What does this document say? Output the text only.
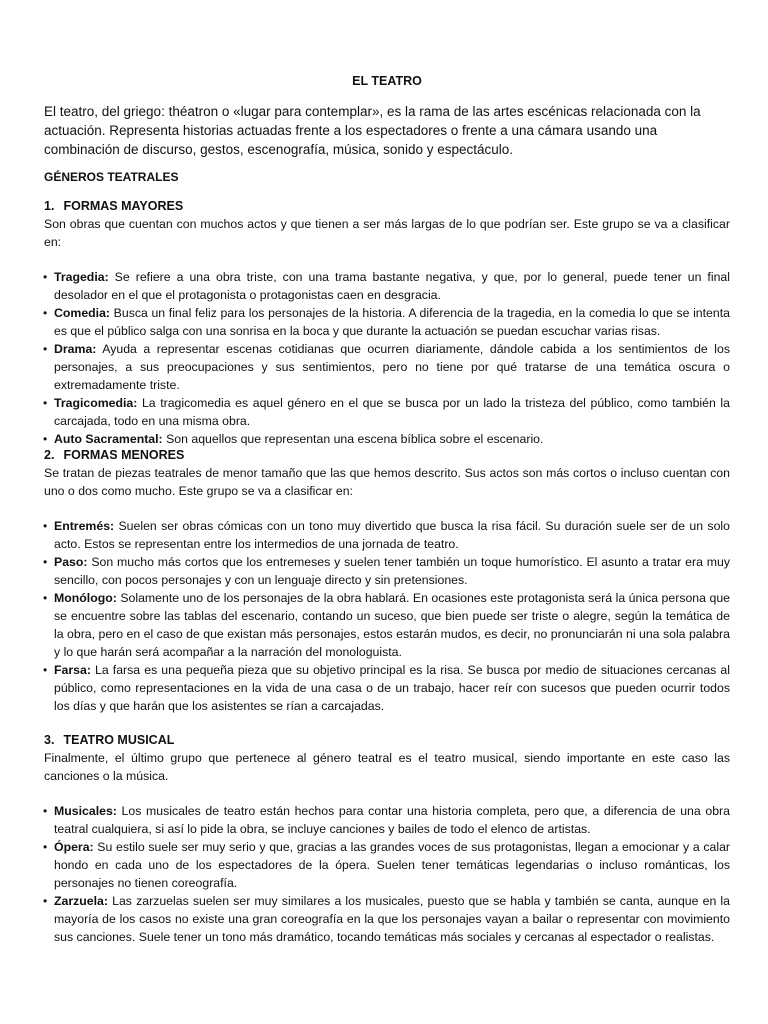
EL TEATRO

El teatro, del griego: théatron o «lugar para contemplar», es la rama de las artes escénicas relacionada con la actuación. Representa historias actuadas frente a los espectadores o frente a una cámara usando una combinación de discurso, gestos, escenografía, música, sonido y espectáculo.

GÉNEROS TEATRALES

1. FORMAS MAYORES

Son obras que cuentan con muchos actos y que tienen a ser más largas de lo que podrían ser. Este grupo se va a clasificar en:

• Tragedia: Se refiere a una obra triste, con una trama bastante negativa, y que, por lo general, puede tener un final desolador en el que el protagonista o protagonistas caen en desgracia.
• Comedia: Busca un final feliz para los personajes de la historia. A diferencia de la tragedia, en la comedia lo que se intenta es que el público salga con una sonrisa en la boca y que durante la actuación se puedan escuchar varias risas.
• Drama: Ayuda a representar escenas cotidianas que ocurren diariamente, dándole cabida a los sentimientos de los personajes, a sus preocupaciones y sus sentimientos, pero no tiene por qué tratarse de una temática oscura o extremadamente triste.
• Tragicomedia: La tragicomedia es aquel género en el que se busca por un lado la tristeza del público, como también la carcajada, todo en una misma obra.
• Auto Sacramental: Son aquellos que representan una escena bíblica sobre el escenario.

2. FORMAS MENORES

Se tratan de piezas teatrales de menor tamaño que las que hemos descrito. Sus actos son más cortos o incluso cuentan con uno o dos como mucho. Este grupo se va a clasificar en:

• Entremés: Suelen ser obras cómicas con un tono muy divertido que busca la risa fácil. Su duración suele ser de un solo acto. Estos se representan entre los intermedios de una jornada de teatro.
• Paso: Son mucho más cortos que los entremeses y suelen tener también un toque humorístico. El asunto a tratar era muy sencillo, con pocos personajes y con un lenguaje directo y sin pretensiones.
• Monólogo: Solamente uno de los personajes de la obra hablará. En ocasiones este protagonista será la única persona que se encuentre sobre las tablas del escenario, contando un suceso, que bien puede ser triste o alegre, según la temática de la obra, pero en el caso de que existan más personajes, estos estarán mudos, es decir, no pronunciarán ni una sola palabra y lo que harán será acompañar a la narración del monologuista.
• Farsa: La farsa es una pequeña pieza que su objetivo principal es la risa. Se busca por medio de situaciones cercanas al público, como representaciones en la vida de una casa o de un trabajo, hacer reír con sucesos que pueden ocurrir todos los días y que harán que los asistentes se rían a carcajadas.

3. TEATRO MUSICAL

Finalmente, el último grupo que pertenece al género teatral es el teatro musical, siendo importante en este caso las canciones o la música.

• Musicales: Los musicales de teatro están hechos para contar una historia completa, pero que, a diferencia de una obra teatral cualquiera, si así lo pide la obra, se incluye canciones y bailes de todo el elenco de artistas.
• Ópera: Su estilo suele ser muy serio y que, gracias a las grandes voces de sus protagonistas, llegan a emocionar y a calar hondo en cada uno de los espectadores de la ópera. Suelen tener temáticas legendarias o incluso románticas, los personajes no tienen coreografía.
• Zarzuela: Las zarzuelas suelen ser muy similares a los musicales, puesto que se habla y también se canta, aunque en la mayoría de los casos no existe una gran coreografía en la que los personajes vayan a bailar o representar con movimiento sus canciones. Suele tener un tono más dramático, tocando temáticas más sociales y cercanas al espectador o realistas.
